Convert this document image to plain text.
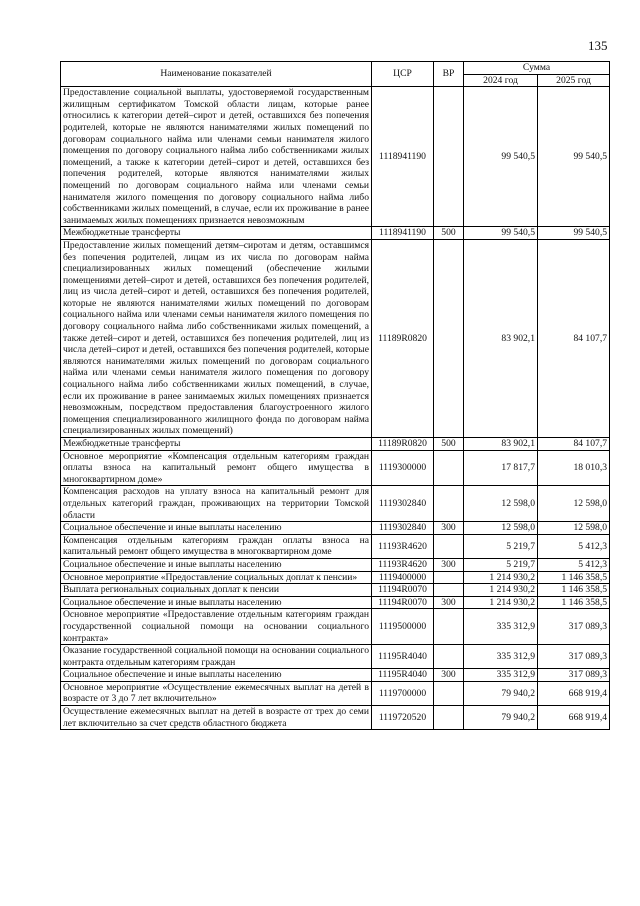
135
Наименование показателей	ЦСР	ВР	Сумма	
			2024 год	2025 год
Предоставление социальной выплаты, удостоверяемой государственным жилищным сертификатом Томской области лицам, которые ранее относились к категории детей–сирот и детей, оставшихся без попечения родителей, которые не являются нанимателями жилых помещений по договорам социального найма или членами семьи нанимателя жилого помещения по договору социального найма либо собственниками жилых помещений, а также к категории детей–сирот и детей, оставшихся без попечения родителей, которые являются нанимателями жилых помещений по договорам социального найма или членами семьи нанимателя жилого помещения по договору социального найма либо собственниками жилых помещений, в случае, если их проживание в ранее занимаемых жилых помещениях признается невозможным	1118941190		99 540,5	99 540,5
Межбюджетные трансферты	1118941190	500	99 540,5	99 540,5
Предоставление жилых помещений детям–сиротам и детям, оставшимся без попечения родителей, лицам из их числа по договорам найма специализированных жилых помещений (обеспечение жилыми помещениями детей–сирот и детей, оставшихся без попечения родителей, лиц из числа детей–сирот и детей, оставшихся без попечения родителей, которые не являются нанимателями жилых помещений по договорам социального найма или членами семьи нанимателя жилого помещения по договору социального найма либо собственниками жилых помещений, а также детей–сирот и детей, оставшихся без попечения родителей, лиц из числа детей–сирот и детей, оставшихся без попечения родителей, которые являются нанимателями жилых помещений по договорам социального найма или членами семьи нанимателя жилого помещения по договору социального найма либо собственниками жилых помещений, в случае, если их проживание в ранее занимаемых жилых помещениях признается невозможным, посредством предоставления благоустроенного жилого помещения специализированного жилищного фонда по договорам найма специализированных жилых помещений)	11189R0820		83 902,1	84 107,7
Межбюджетные трансферты	11189R0820	500	83 902,1	84 107,7
Основное мероприятие «Компенсация отдельным категориям граждан оплаты взноса на капитальный ремонт общего имущества в многоквартирном доме»	1119300000		17 817,7	18 010,3
Компенсация расходов на уплату взноса на капитальный ремонт для отдельных категорий граждан, проживающих на территории Томской области	1119302840		12 598,0	12 598,0
Социальное обеспечение и иные выплаты населению	1119302840	300	12 598,0	12 598,0
Компенсация отдельным категориям граждан оплаты взноса на капитальный ремонт общего имущества в многоквартирном доме	11193R4620		5 219,7	5 412,3
Социальное обеспечение и иные выплаты населению	11193R4620	300	5 219,7	5 412,3
Основное мероприятие «Предоставление социальных доплат к пенсии»	1119400000		1 214 930,2	1 146 358,5
Выплата региональных социальных доплат к пенсии	11194R0070		1 214 930,2	1 146 358,5
Социальное обеспечение и иные выплаты населению	11194R0070	300	1 214 930,2	1 146 358,5
Основное мероприятие «Предоставление отдельным категориям граждан государственной социальной помощи на основании социального контракта»	1119500000		335 312,9	317 089,3
Оказание государственной социальной помощи на основании социального контракта отдельным категориям граждан	11195R4040		335 312,9	317 089,3
Социальное обеспечение и иные выплаты населению	11195R4040	300	335 312,9	317 089,3
Основное мероприятие «Осуществление ежемесячных выплат на детей в возрасте от 3 до 7 лет включительно»	1119700000		79 940,2	668 919,4
Осуществление ежемесячных выплат на детей в возрасте от трех до семи лет включительно за счет средств областного бюджета	1119720520		79 940,2	668 919,4
